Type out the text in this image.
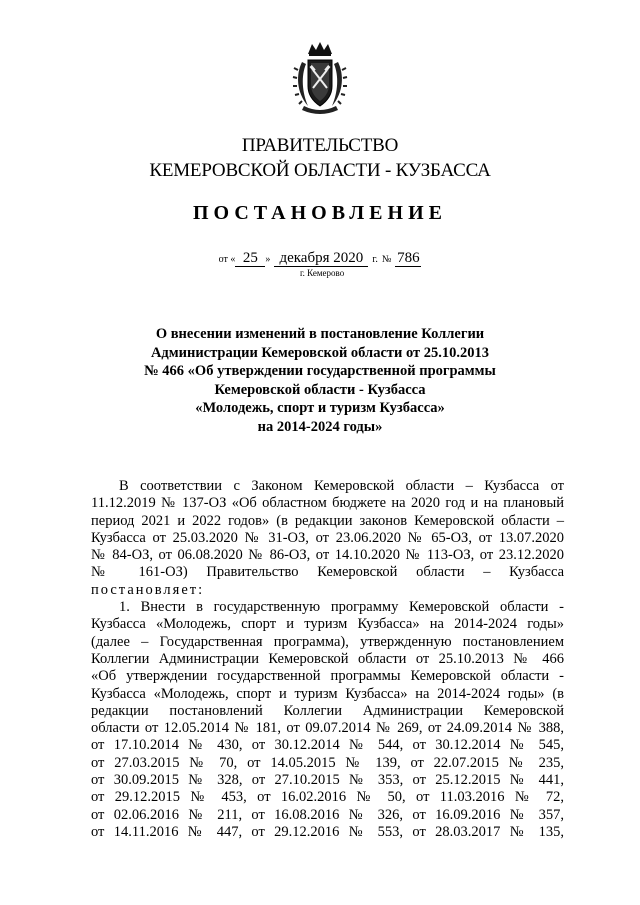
ПРАВИТЕЛЬСТВО
КЕМЕРОВСКОЙ ОБЛАСТИ - КУЗБАССА
ПОСТАНОВЛЕНИЕ
от « 25 » декабря 2020 г. № 786
г. Кемерово
О внесении изменений в постановление Коллегии
Администрации Кемеровской области от 25.10.2013
№ 466 «Об утверждении государственной программы
Кемеровской области - Кузбасса
«Молодежь, спорт и туризм Кузбасса»
на 2014-2024 годы»
В соответствии с Законом Кемеровской области – Кузбасса от
11.12.2019 № 137-ОЗ «Об областном бюджете на 2020 год и на плановый
период 2021 и 2022 годов» (в редакции законов Кемеровской области –
Кузбасса от 25.03.2020 № 31-ОЗ, от 23.06.2020 № 65-ОЗ, от 13.07.2020
№ 84-ОЗ, от 06.08.2020 № 86-ОЗ, от 14.10.2020 № 113-ОЗ, от 23.12.2020
№ 161-ОЗ) Правительство Кемеровской области – Кузбасса
постановляет:
1. Внести в государственную программу Кемеровской области -
Кузбасса «Молодежь, спорт и туризм Кузбасса» на 2014-2024 годы»
(далее – Государственная программа), утвержденную постановлением
Коллегии Администрации Кемеровской области от 25.10.2013 № 466
«Об утверждении государственной программы Кемеровской области -
Кузбасса «Молодежь, спорт и туризм Кузбасса» на 2014-2024 годы» (в
редакции постановлений Коллегии Администрации Кемеровской
области от 12.05.2014 № 181, от 09.07.2014 № 269, от 24.09.2014 № 388,
от 17.10.2014 № 430, от 30.12.2014 № 544, от 30.12.2014 № 545,
от 27.03.2015 № 70, от 14.05.2015 № 139, от 22.07.2015 № 235,
от 30.09.2015 № 328, от 27.10.2015 № 353, от 25.12.2015 № 441,
от 29.12.2015 № 453, от 16.02.2016 № 50, от 11.03.2016 № 72,
от 02.06.2016 № 211, от 16.08.2016 № 326, от 16.09.2016 № 357,
от 14.11.2016 № 447, от 29.12.2016 № 553, от 28.03.2017 № 135,
